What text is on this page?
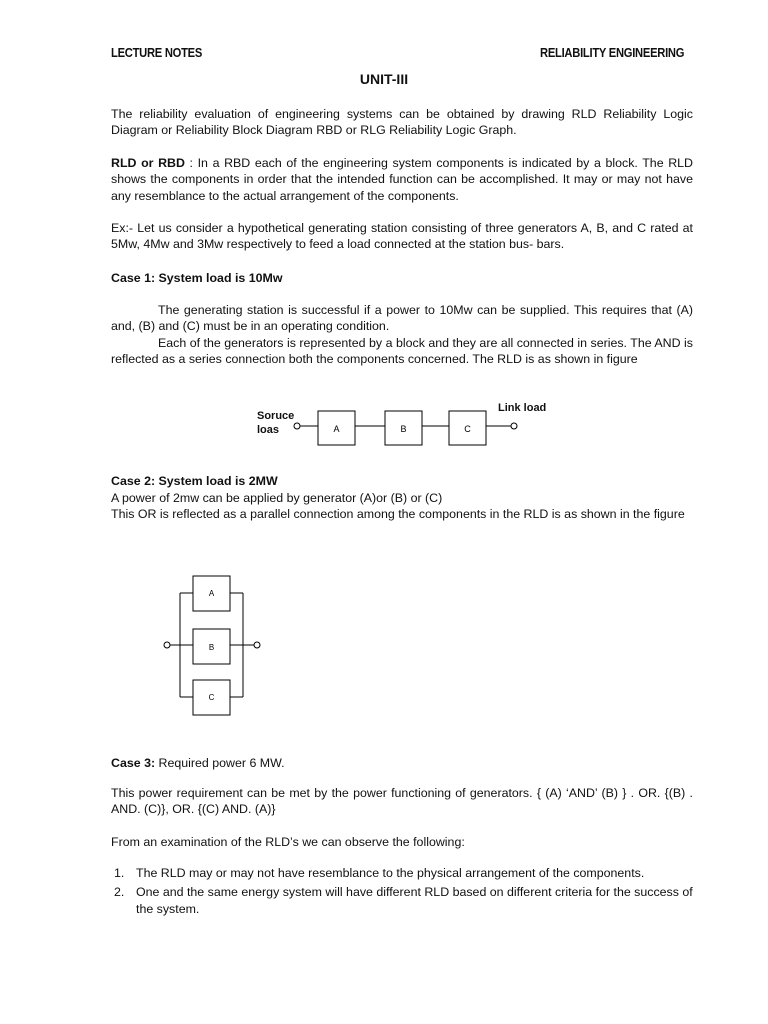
LECTURE NOTES	RELIABILITY ENGINEERING
UNIT-III

The reliability evaluation of engineering systems can be obtained by drawing RLD Reliability Logic Diagram or Reliability Block Diagram RBD or RLG Reliability Logic Graph.

RLD or RBD : In a RBD each of the engineering system components is indicated by a block. The RLD shows the components in order that the intended function can be accomplished. It may or may not have any resemblance to the actual arrangement of the components.

Ex:- Let us consider a hypothetical generating station consisting of three generators A, B, and C rated at 5Mw, 4Mw and 3Mw respectively to feed a load connected at the station bus- bars.

Case 1: System load is 10Mw

The generating station is successful if a power to 10Mw can be supplied. This requires that (A) and, (B) and (C) must be in an operating condition.

Each of the generators is represented by a block and they are all connected in series. The AND is reflected as a series connection both the components concerned. The RLD is as shown in figure

Soruce
loas
Link load
A	B	C

Case 2: System load is 2MW

A power of 2mw can be applied by generator (A)or (B) or (C)

This OR is reflected as a parallel connection among the components in the RLD is as shown in the figure

A
B
C

Case 3: Required power 6 MW.

This power requirement can be met by the power functioning of generators. { (A) ‘AND’ (B) } . OR. {(B) . AND. (C)}, OR. {(C) AND. (A)}

From an examination of the RLD’s we can observe the following:

1. The RLD may or may not have resemblance to the physical arrangement of the components.
2. One and the same energy system will have different RLD based on different criteria for the success of the system.
